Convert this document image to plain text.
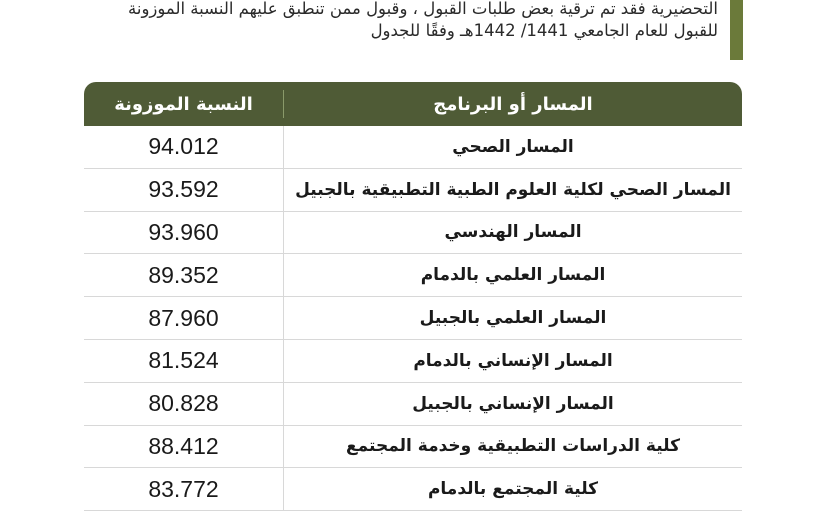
التحضيرية فقد تم ترقية بعض طلبات القبول ، وقبول ممن تنطبق عليهم النسبة الموزونة للقبول للعام الجامعي 1441/ 1442هـ وفقًا للجدول
النسبة الموزونة	المسار أو البرنامج
94.012	المسار الصحي
93.592	المسار الصحي لكلية العلوم الطبية التطبيقية بالجبيل
93.960	المسار الهندسي
89.352	المسار العلمي بالدمام
87.960	المسار العلمي بالجبيل
81.524	المسار الإنساني بالدمام
80.828	المسار الإنساني بالجبيل
88.412	كلية الدراسات التطبيقية وخدمة المجتمع
83.772	كلية المجتمع بالدمام
